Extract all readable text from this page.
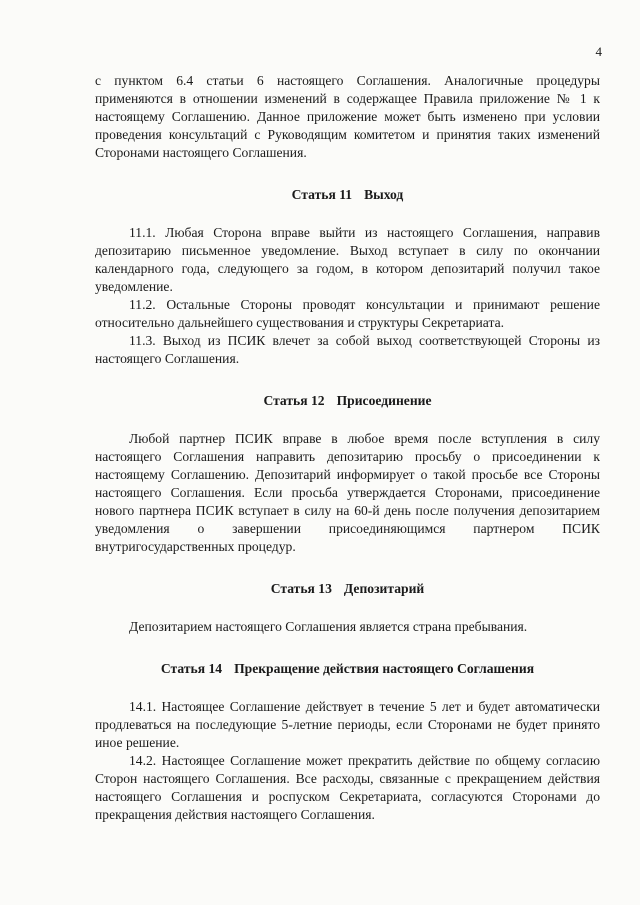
4

с пунктом 6.4 статьи 6 настоящего Соглашения. Аналогичные процедуры применяются в отношении изменений в содержащее Правила приложение № 1 к настоящему Соглашению. Данное приложение может быть изменено при условии проведения консультаций с Руководящим комитетом и принятия таких изменений Сторонами настоящего Соглашения.

Статья 11 Выход

11.1. Любая Сторона вправе выйти из настоящего Соглашения, направив депозитарию письменное уведомление. Выход вступает в силу по окончании календарного года, следующего за годом, в котором депозитарий получил такое уведомление.

11.2. Остальные Стороны проводят консультации и принимают решение относительно дальнейшего существования и структуры Секретариата.

11.3. Выход из ПСИК влечет за собой выход соответствующей Стороны из настоящего Соглашения.

Статья 12 Присоединение

Любой партнер ПСИК вправе в любое время после вступления в силу настоящего Соглашения направить депозитарию просьбу о присоединении к настоящему Соглашению. Депозитарий информирует о такой просьбе все Стороны настоящего Соглашения. Если просьба утверждается Сторонами, присоединение нового партнера ПСИК вступает в силу на 60-й день после получения депозитарием уведомления о завершении присоединяющимся партнером ПСИК внутригосударственных процедур.

Статья 13 Депозитарий

Депозитарием настоящего Соглашения является страна пребывания.

Статья 14 Прекращение действия настоящего Соглашения

14.1. Настоящее Соглашение действует в течение 5 лет и будет автоматически продлеваться на последующие 5-летние периоды, если Сторонами не будет принято иное решение.

14.2. Настоящее Соглашение может прекратить действие по общему согласию Сторон настоящего Соглашения. Все расходы, связанные с прекращением действия настоящего Соглашения и роспуском Секретариата, согласуются Сторонами до прекращения действия настоящего Соглашения.
